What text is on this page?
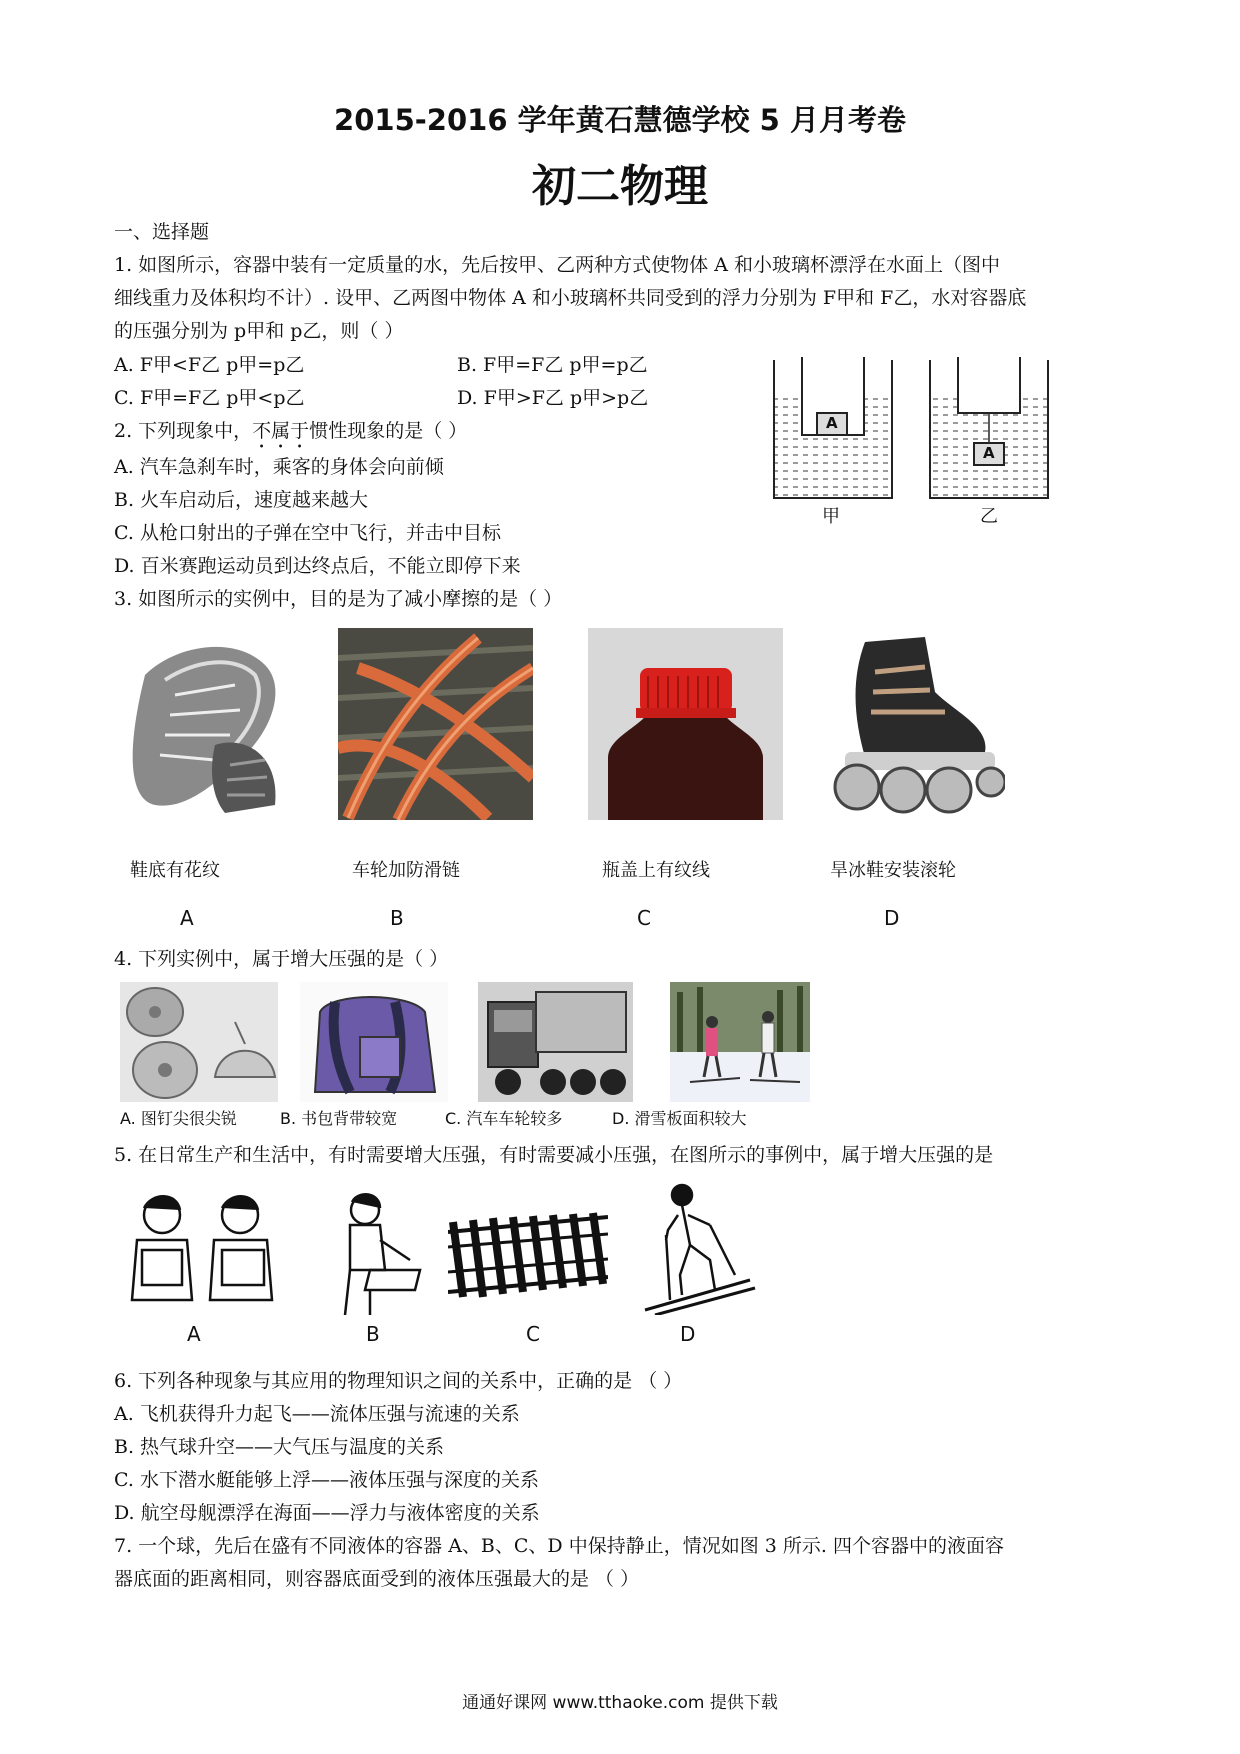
2015-2016 学年黄石慧德学校 5 月月考卷
初二物理
一、选择题
1. 如图所示，容器中装有一定质量的水，先后按甲、乙两种方式使物体 A 和小玻璃杯漂浮在水面上（图中
细线重力及体积均不计）. 设甲、乙两图中物体 A 和小玻璃杯共同受到的浮力分别为 F甲和 F乙，水对容器底
的压强分别为 p甲和 p乙，则（ ）
A. F甲<F乙 p甲=p乙	B. F甲=F乙 p甲=p乙
C. F甲=F乙 p甲<p乙	D. F甲>F乙 p甲>p乙
A
A
甲	乙
2. 下列现象中，不属于惯性现象的是（ ）
A. 汽车急刹车时，乘客的身体会向前倾
B. 火车启动后，速度越来越大
C. 从枪口射出的子弹在空中飞行，并击中目标
D. 百米赛跑运动员到达终点后，不能立即停下来
3. 如图所示的实例中，目的是为了减小摩擦的是（ ）
鞋底有花纹	车轮加防滑链	瓶盖上有纹线	旱冰鞋安装滚轮
A	B	C	D
4. 下列实例中，属于增大压强的是（ ）
A. 图钉尖很尖锐	B. 书包背带较宽	C. 汽车车轮较多	D. 滑雪板面积较大
5. 在日常生产和生活中，有时需要增大压强，有时需要减小压强，在图所示的事例中，属于增大压强的是
A	B	C	D
6. 下列各种现象与其应用的物理知识之间的关系中，正确的是 （ ）
A. 飞机获得升力起飞——流体压强与流速的关系
B. 热气球升空——大气压与温度的关系
C. 水下潜水艇能够上浮——液体压强与深度的关系
D. 航空母舰漂浮在海面——浮力与液体密度的关系
7. 一个球，先后在盛有不同液体的容器 A、B、C、D 中保持静止，情况如图 3 所示. 四个容器中的液面容
器底面的距离相同，则容器底面受到的液体压强最大的是 （ ）
通通好课网 www.tthaoke.com 提供下载
